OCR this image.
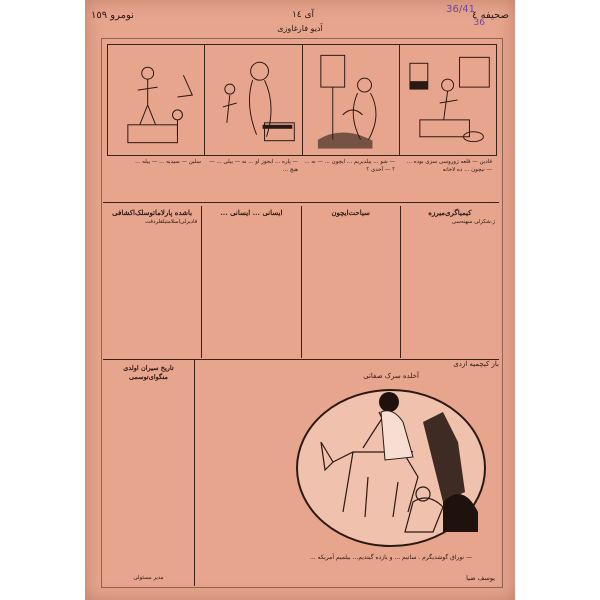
نومرو ١٥٩	آی ١٤	صحیفه ٤
آدیو فارغاوزی
36/41
36
قادین — قلعه ژوروسی سزی بوده ... — نیچون ... ده لاخاته
— شو ... ییلدیریم ... ایچون ... — نه ... ؟ — آخدی ؟
— پاره ... ایجوز او ... نه — بیلی ... — هیچ ...
سلین — سیدیه ... — پیله ...
کیمیاگری‌میرزه
ژ.شکرلی سهنه‌سی
سیاحت‌ایچون
ایسانی ... ایسانی ...
باشده پارلاماتوسلک‌اکشافی
قادیرلی‌اسلامتیلقلر‌دقت
تاریخ سیران اولدی
منگو‌ای‌توسمی
مدیر مسئولی
باز کیچمیه ازدی
آخلده سرک صفاتی
— توراق گوشدیگرم . ساتیم ... و یازده گیتدیم... بیلمیم آمریکه ...
یوسف ضیا
